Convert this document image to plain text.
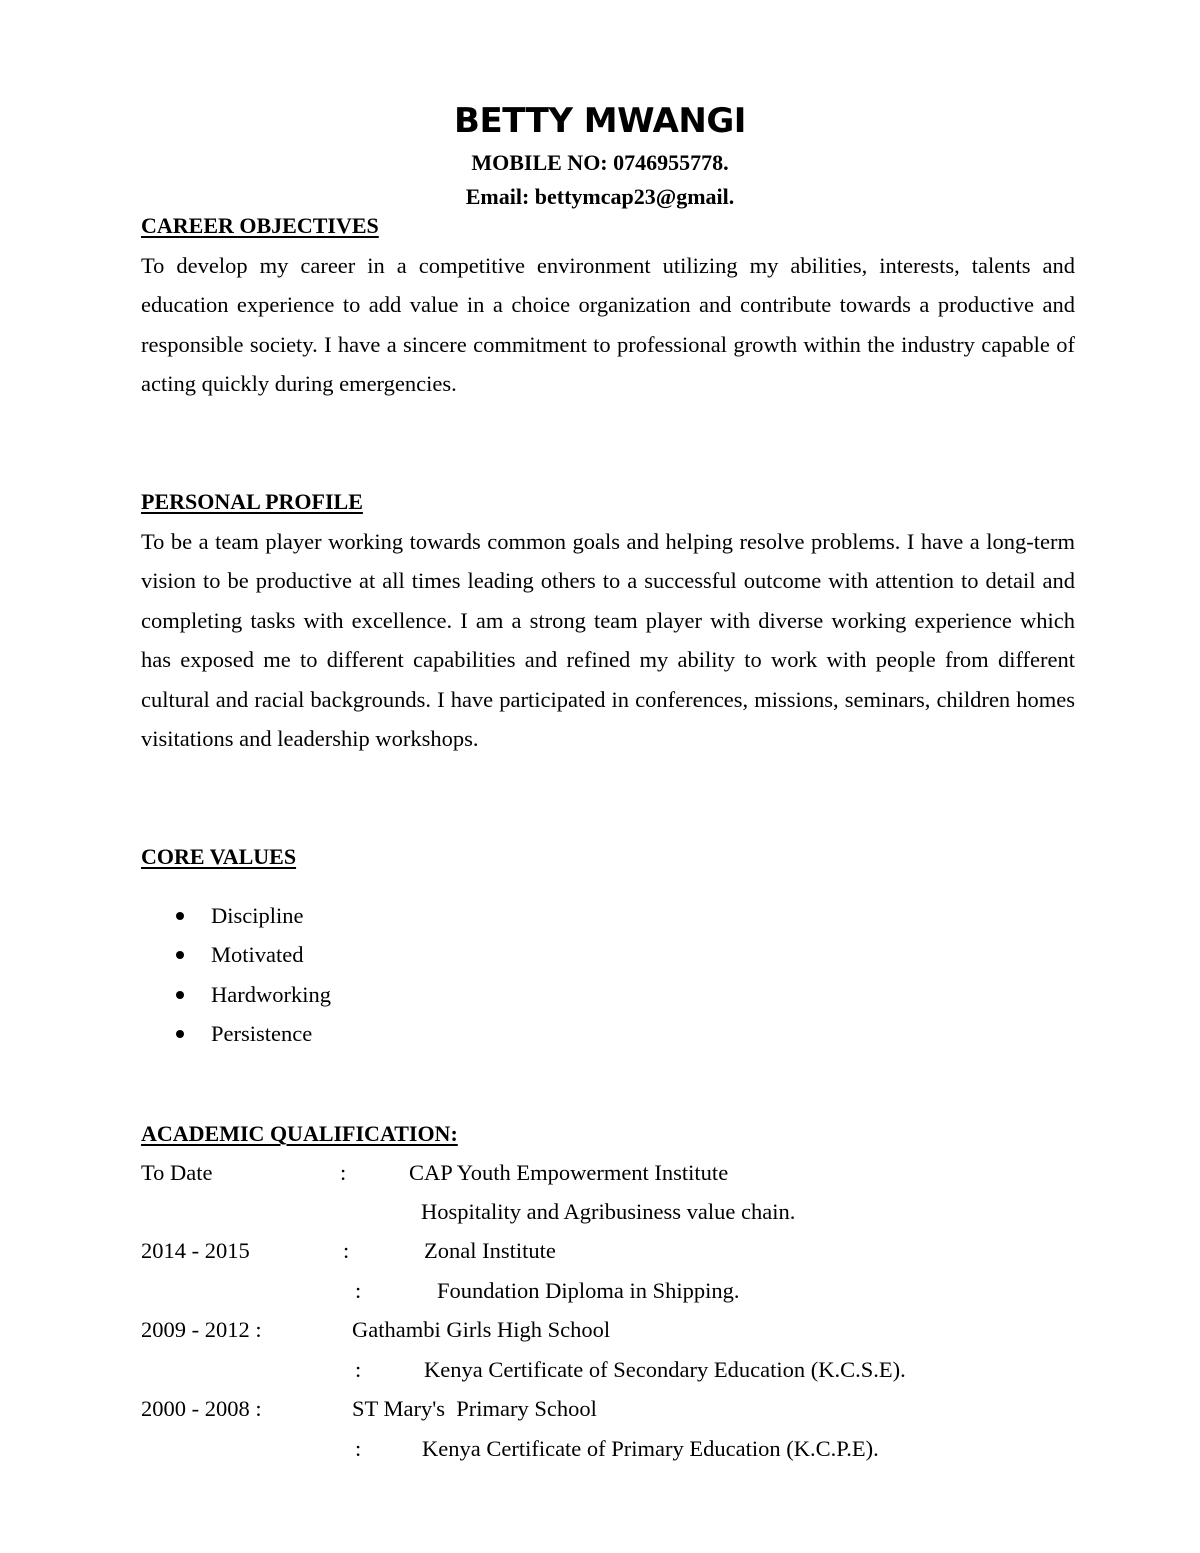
BETTY MWANGI
MOBILE NO: 0746955778.
Email: bettymcap23@gmail.
CAREER OBJECTIVES
To develop my career in a competitive environment utilizing my abilities, interests, talents and education experience to add value in a choice organization and contribute towards a productive and responsible society. I have a sincere commitment to professional growth within the industry capable of acting quickly during emergencies.
PERSONAL PROFILE
To be a team player working towards common goals and helping resolve problems. I have a long-term vision to be productive at all times leading others to a successful outcome with attention to detail and completing tasks with excellence. I am a strong team player with diverse working experience which has exposed me to different capabilities and refined my ability to work with people from different cultural and racial backgrounds. I have participated in conferences, missions, seminars, children homes visitations and leadership workshops.
CORE VALUES
Discipline
Motivated
Hardworking
Persistence
ACADEMIC QUALIFICATION:
To Date	:	CAP Youth Empowerment Institute
Hospitality and Agribusiness value chain.
2014 - 2015	:	Zonal Institute
:	Foundation Diploma in Shipping.
2009 - 2012 :	Gathambi Girls High School
:	Kenya Certificate of Secondary Education (K.C.S.E).
2000 - 2008 :	ST Mary's  Primary School
:	Kenya Certificate of Primary Education (K.C.P.E).
